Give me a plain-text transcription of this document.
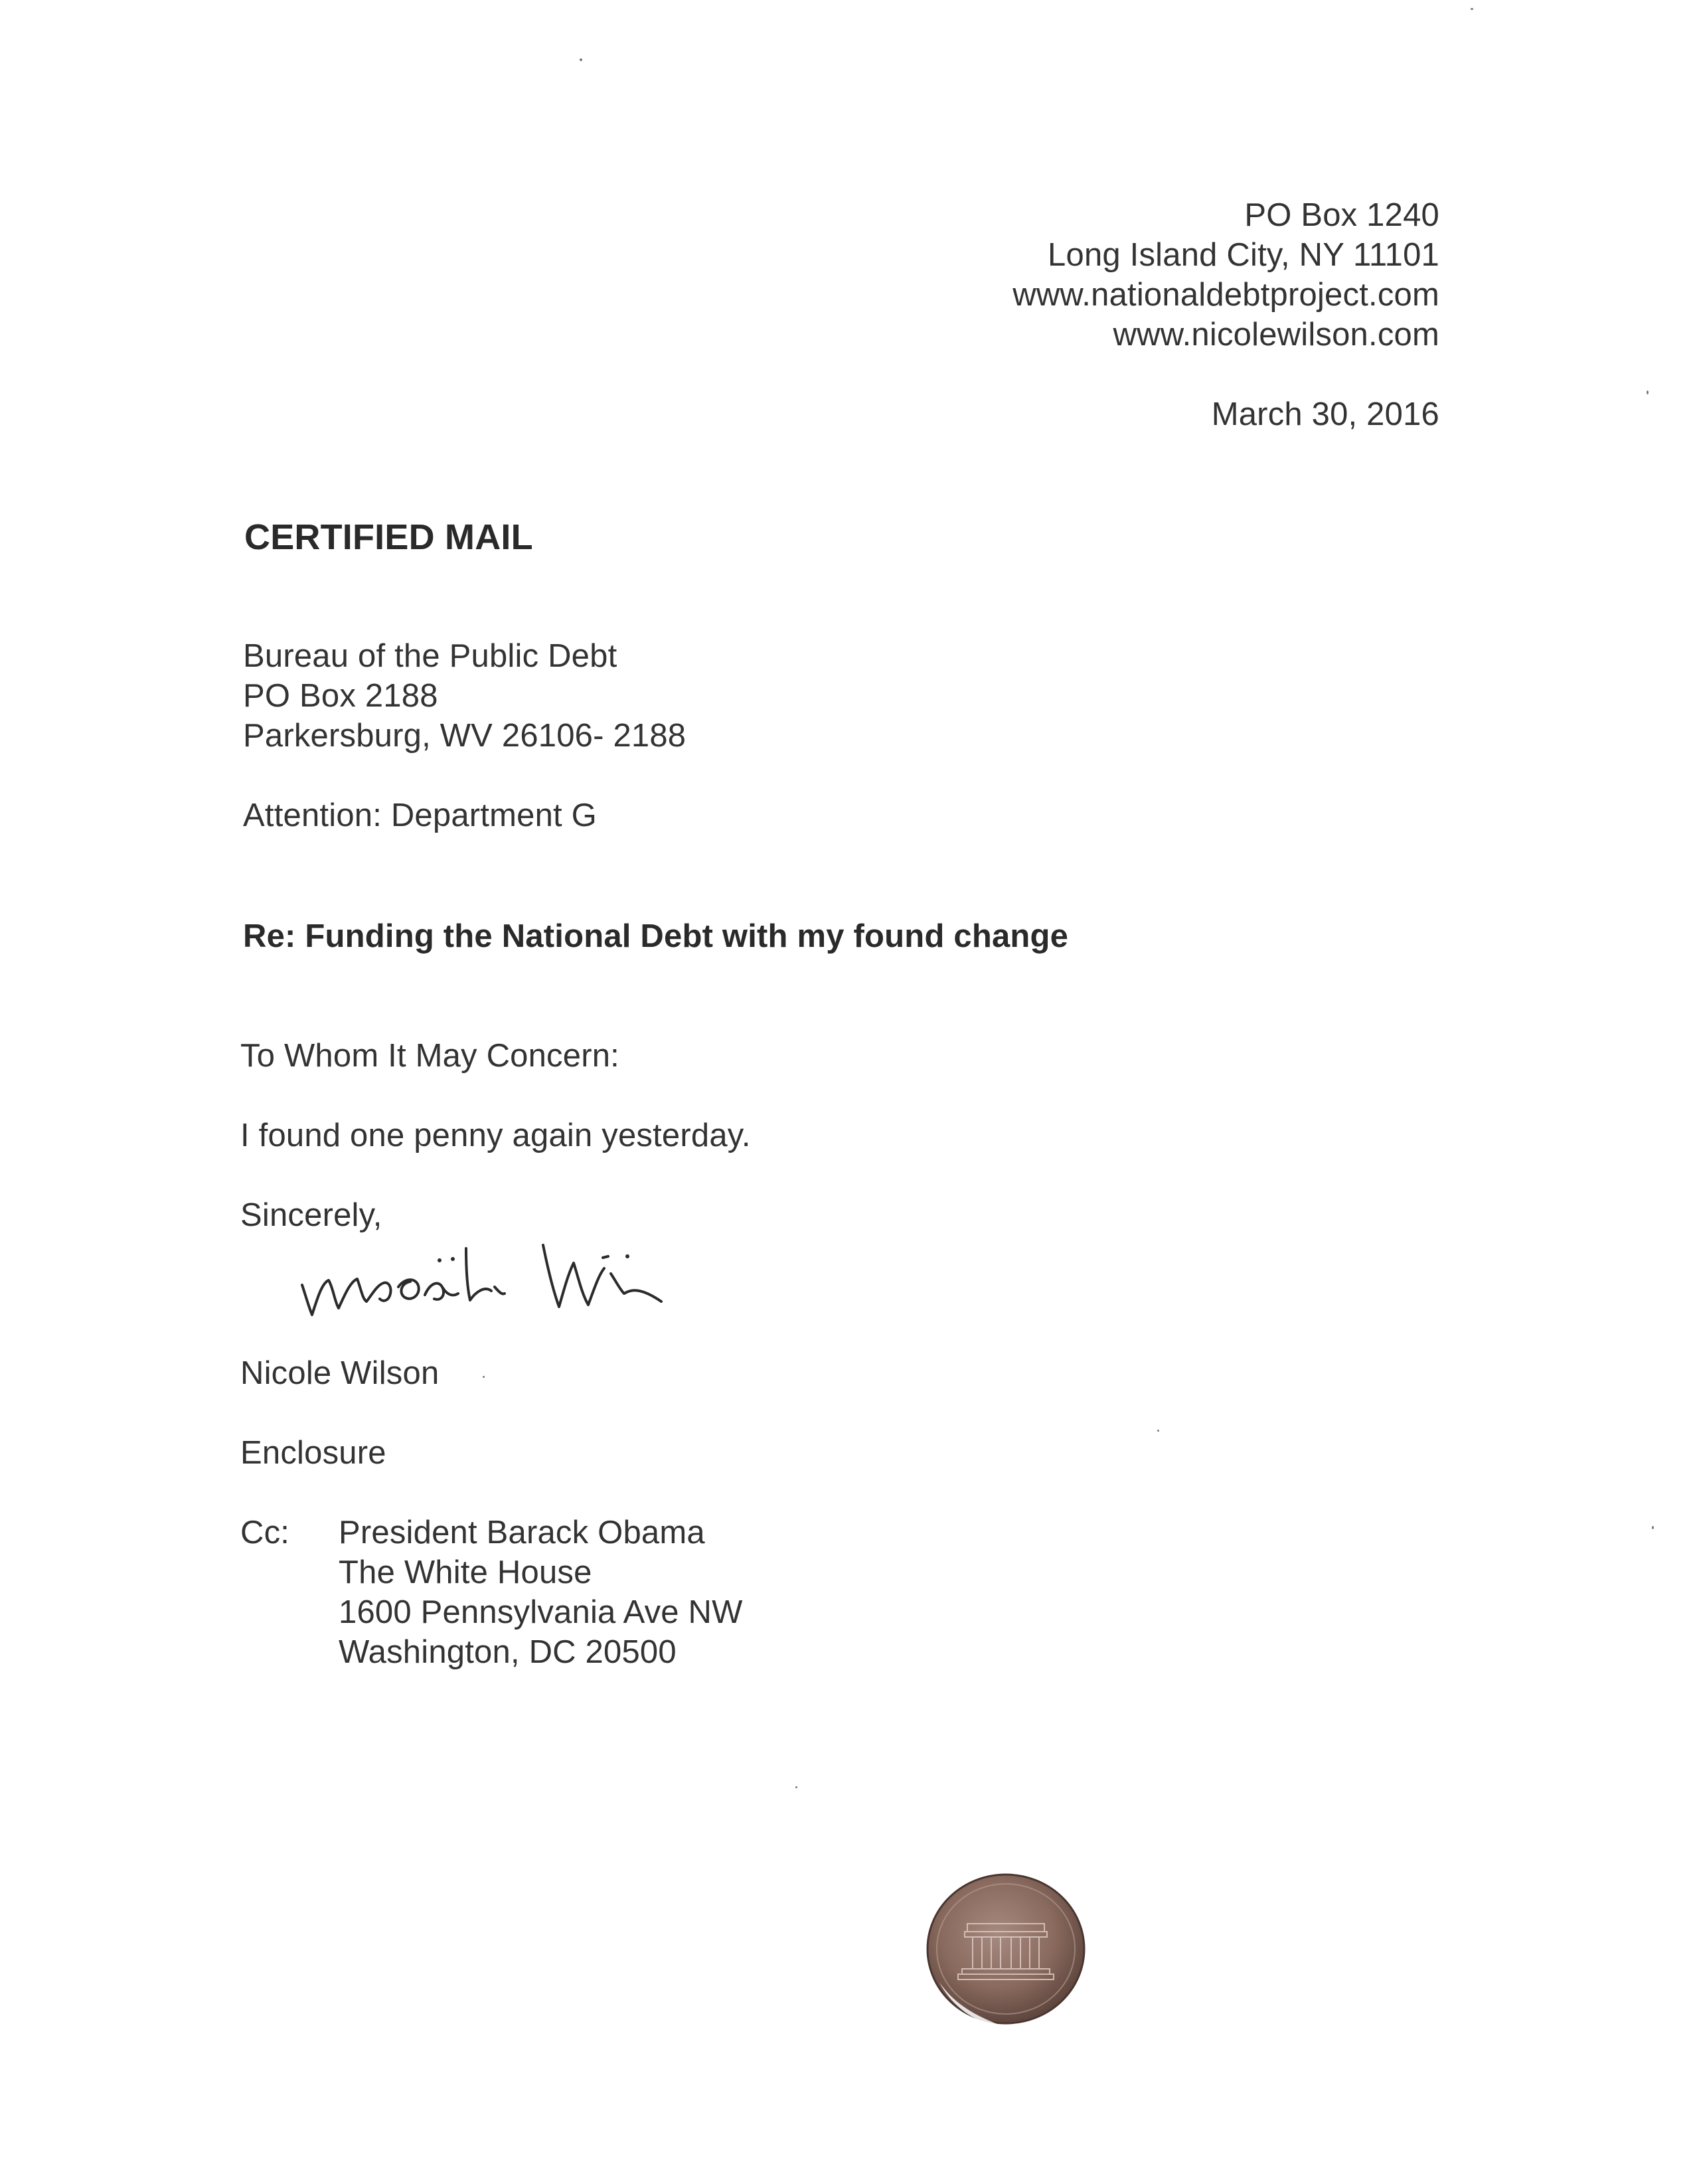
PO Box 1240
Long Island City, NY 11101
www.nationaldebtproject.com
www.nicolewilson.com
March 30, 2016
CERTIFIED MAIL
Bureau of the Public Debt
PO Box 2188
Parkersburg, WV 26106- 2188
Attention: Department G
Re: Funding the National Debt with my found change
To Whom It May Concern:
I found one penny again yesterday.
Sincerely,
Nicole Wilson
Enclosure
Cc: President Barack Obama
The White House
1600 Pennsylvania Ave NW
Washington, DC 20500
